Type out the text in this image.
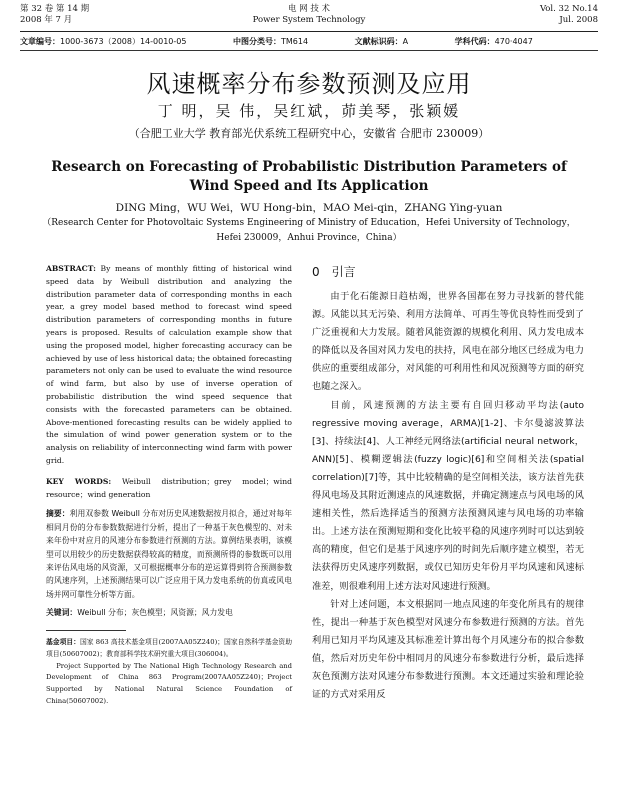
第 32 卷 第 14 期
2008 年 7 月
电 网 技 术
Power System Technology
Vol. 32 No.14
Jul. 2008
文章编号：1000-3673（2008）14-0010-05	中图分类号：TM614	文献标识码：A	学科代码：470·4047
风速概率分布参数预测及应用
丁 明，吴 伟，吴红斌，茆美琴，张颖媛
（合肥工业大学 教育部光伏系统工程研究中心，安徽省 合肥市 230009）
Research on Forecasting of Probabilistic Distribution Parameters of
Wind Speed and Its Application
DING Ming，WU Wei，WU Hong-bin，MAO Mei-qin，ZHANG Ying-yuan
（Research Center for Photovoltaic Systems Engineering of Ministry of Education，Hefei University of Technology，
Hefei 230009，Anhui Province，China）

ABSTRACT: By means of monthly fitting of historical wind speed data by Weibull distribution and analyzing the distribution parameter data of corresponding months in each year, a grey model based method to forecast wind speed distribution parameters of corresponding months in future years is proposed. Results of calculation example show that using the proposed model, higher forecasting accuracy can be achieved by use of less historical data; the obtained forecasting parameters not only can be used to evaluate the wind resource of wind farm, but also by use of inverse operation of probabilistic distribution the wind speed sequence that consists with the forecasted parameters can be obtained. Above-mentioned forecasting results can be widely applied to the simulation of wind power generation system or to the analysis on reliability of interconnecting wind farm with power grid.

KEY WORDS: Weibull distribution；grey model；wind resource；wind generation

摘要：利用双参数 Weibull 分布对历史风速数据按月拟合，通过对每年相同月份的分布参数数据进行分析，提出了一种基于灰色模型的、对未来年份中对应月的风速分布参数进行预测的方法。算例结果表明，该模型可以用较少的历史数据获得较高的精度，而预测所得的参数既可以用来评估风电场的风资源，又可根据概率分布的逆运算得到符合预测参数的风速序列，上述预测结果可以广泛应用于风力发电系统的仿真或风电场并网可靠性分析等方面。

关键词：Weibull 分布；灰色模型；风资源；风力发电

基金项目：国家 863 高技术基金项目(2007AA05Z240)；国家自然科学基金资助项目(50607002)；教育部科学技术研究重大项目(306004)。

Project Supported by The National High Technology Research and Development of China 863 Program(2007AA05Z240)；Project Supported by National Natural Science Foundation of China(50607002).

0 引言

由于化石能源日趋枯竭，世界各国都在努力寻找新的替代能源。风能以其无污染、利用方法简单、可再生等优良特性而受到了广泛重视和大力发展。随着风能资源的规模化利用、风力发电成本的降低以及各国对风力发电的扶持，风电在部分地区已经成为电力供应的重要组成部分，对风能的可利用性和风况预测等方面的研究也随之深入。

目前，风速预测的方法主要有自回归移动平均法(auto regressive moving average，ARMA)[1-2]、卡尔曼滤波算法[3]、持续法[4]、人工神经元网络法(artificial neural network，ANN)[5]、模糊逻辑法(fuzzy logic)[6]和空间相关法(spatial correlation)[7]等，其中比较精确的是空间相关法，该方法首先获得风电场及其附近测速点的风速数据，并确定测速点与风电场的风速相关性，然后选择适当的预测方法预测风速与风电场的功率输出。上述方法在预测短期和变化比较平稳的风速序列时可以达到较高的精度，但它们是基于风速序列的时间先后顺序建立模型，若无法获得历史风速序列数据，或仅已知历史年份月平均风速和风速标准差，则很难利用上述方法对风速进行预测。

针对上述问题，本文根据同一地点风速的年变化所具有的规律性，提出一种基于灰色模型对风速分布参数进行预测的方法。首先利用已知月平均风速及其标准差计算出每个月风速分布的拟合参数值，然后对历史年份中相同月的风速分布参数进行分析，最后选择灰色预测方法对风速分布参数进行预测。本文还通过实验和理论验证的方式对采用反
